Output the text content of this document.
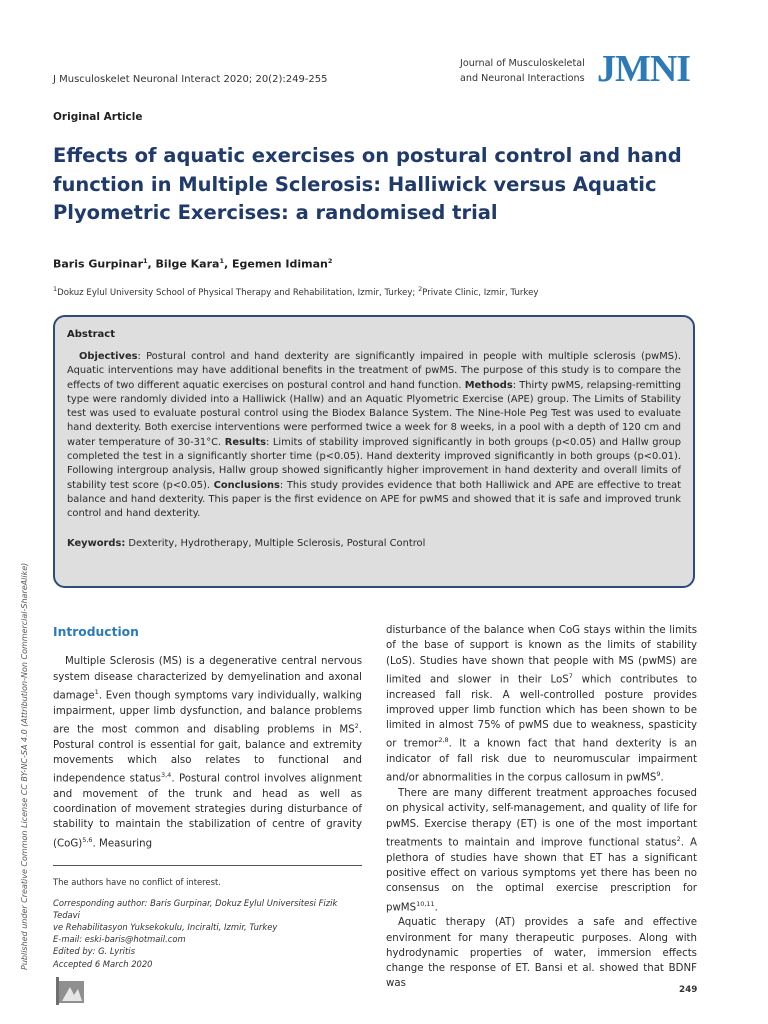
J Musculoskelet Neuronal Interact 2020; 20(2):249-255
Journal of Musculoskeletal
and Neuronal Interactions JMNI
Original Article
Effects of aquatic exercises on postural control and hand function in Multiple Sclerosis: Halliwick versus Aquatic Plyometric Exercises: a randomised trial
Baris Gurpinar$^1$, Bilge Kara$^1$, Egemen Idiman$^2$
$^1$Dokuz Eylul University School of Physical Therapy and Rehabilitation, Izmir, Turkey; $^2$Private Clinic, Izmir, Turkey
Abstract

Objectives: Postural control and hand dexterity are significantly impaired in people with multiple sclerosis (pwMS). Aquatic interventions may have additional benefits in the treatment of pwMS. The purpose of this study is to compare the effects of two different aquatic exercises on postural control and hand function. Methods: Thirty pwMS, relapsing-remitting type were randomly divided into a Halliwick (Hallw) and an Aquatic Plyometric Exercise (APE) group. The Limits of Stability test was used to evaluate postural control using the Biodex Balance System. The Nine-Hole Peg Test was used to evaluate hand dexterity. Both exercise interventions were performed twice a week for 8 weeks, in a pool with a depth of 120 cm and water temperature of 30-31°C. Results: Limits of stability improved significantly in both groups (p<0.05) and Hallw group completed the test in a significantly shorter time (p<0.05). Hand dexterity improved significantly in both groups (p<0.01). Following intergroup analysis, Hallw group showed significantly higher improvement in hand dexterity and overall limits of stability test score (p<0.05). Conclusions: This study provides evidence that both Halliwick and APE are effective to treat balance and hand dexterity. This paper is the first evidence on APE for pwMS and showed that it is safe and improved trunk control and hand dexterity.

Keywords: Dexterity, Hydrotherapy, Multiple Sclerosis, Postural Control
Published under Creative Common License CC BY-NC-SA 4.0 (Attribution-Non Commercial-ShareAlike) Introduction

Multiple Sclerosis (MS) is a degenerative central nervous system disease characterized by demyelination and axonal damage$^1$. Even though symptoms vary individually, walking impairment, upper limb dysfunction, and balance problems are the most common and disabling problems in $MS^2$. Postural control is essential for gait, balance and extremity movements which also relates to functional and independence status$^{3,4}$. Postural control involves alignment and movement of the trunk and head as well as coordination of movement strategies during disturbance of stability to maintain the stabilization of centre of gravity (CoG)$^{5,6}$. Measuring

disturbance of the balance when CoG stays within the limits of the base of support is known as the limits of stability (LoS). Studies have shown that people with MS (pwMS) are limited and slower in their LoS$^7$ which contributes to increased fall risk. A well-controlled posture provides improved upper limb function which has been shown to be limited in almost 75% of pwMS due to weakness, spasticity or tremor$^{2,8}$. It a known fact that hand dexterity is an indicator of fall risk due to neuromuscular impairment and/or abnormalities in the corpus callosum in pwMS$^9$.

There are many different treatment approaches focused on physical activity, self-management, and quality of life for pwMS. Exercise therapy (ET) is one of the most important treatments to maintain and improve functional status$^2$. A plethora of studies have shown that ET has a significant positive effect on various symptoms yet there has been no consensus on the optimal exercise prescription for pwMS$^{10,11}$.

Aquatic therapy (AT) provides a safe and effective environment for many therapeutic purposes. Along with hydrodynamic properties of water, immersion effects change the response of ET. Bansi et al. showed that BDNF was

The authors have no conflict of interest.
Corresponding author: Baris Gurpinar, Dokuz Eylul Universitesi Fizik Tedavi
ve Rehabilitasyon Yuksekokulu, Inciralti, Izmir, Turkey
E-mail: eski-baris@hotmail.com
Edited by: G. Lyritis
Accepted 6 March 2020
249
